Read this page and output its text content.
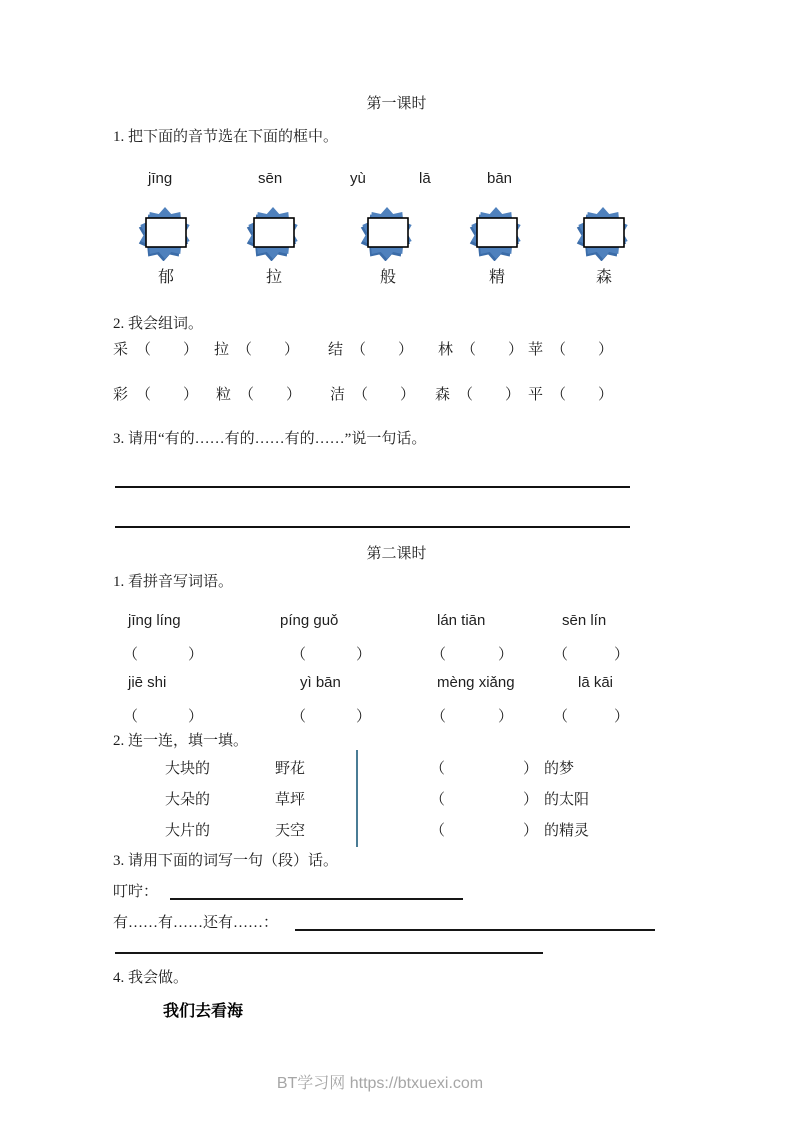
第一课时
1. 把下面的音节选在下面的框中。
jīng	sēn	yù	lā	bān
郁	拉	般	精	森
2. 我会组词。
采 （ ） 拉 （ ） 结 （ ） 林 （ ） 苹 （ ）
彩 （ ） 粒 （ ） 洁 （ ） 森 （ ） 平 （ ）
3. 请用“有的……有的……有的……”说一句话。
第二课时
1. 看拼音写词语。
jīng líng	píng guǒ	lán tiān	sēn lín
（	）	（	）	（	）	（	）
jiē shi	yì bān	mèng xiǎng	lā kāi
（	）	（	）	（	）	（	）
2. 连一连，填一填。
大块的	野花	（	） 的梦
大朵的	草坪	（	） 的太阳
大片的	天空	（	） 的精灵
3. 请用下面的词写一句（段）话。
叮咛：
有……有……还有……：
4. 我会做。
我们去看海
BT学习网 https://btxuexi.com
